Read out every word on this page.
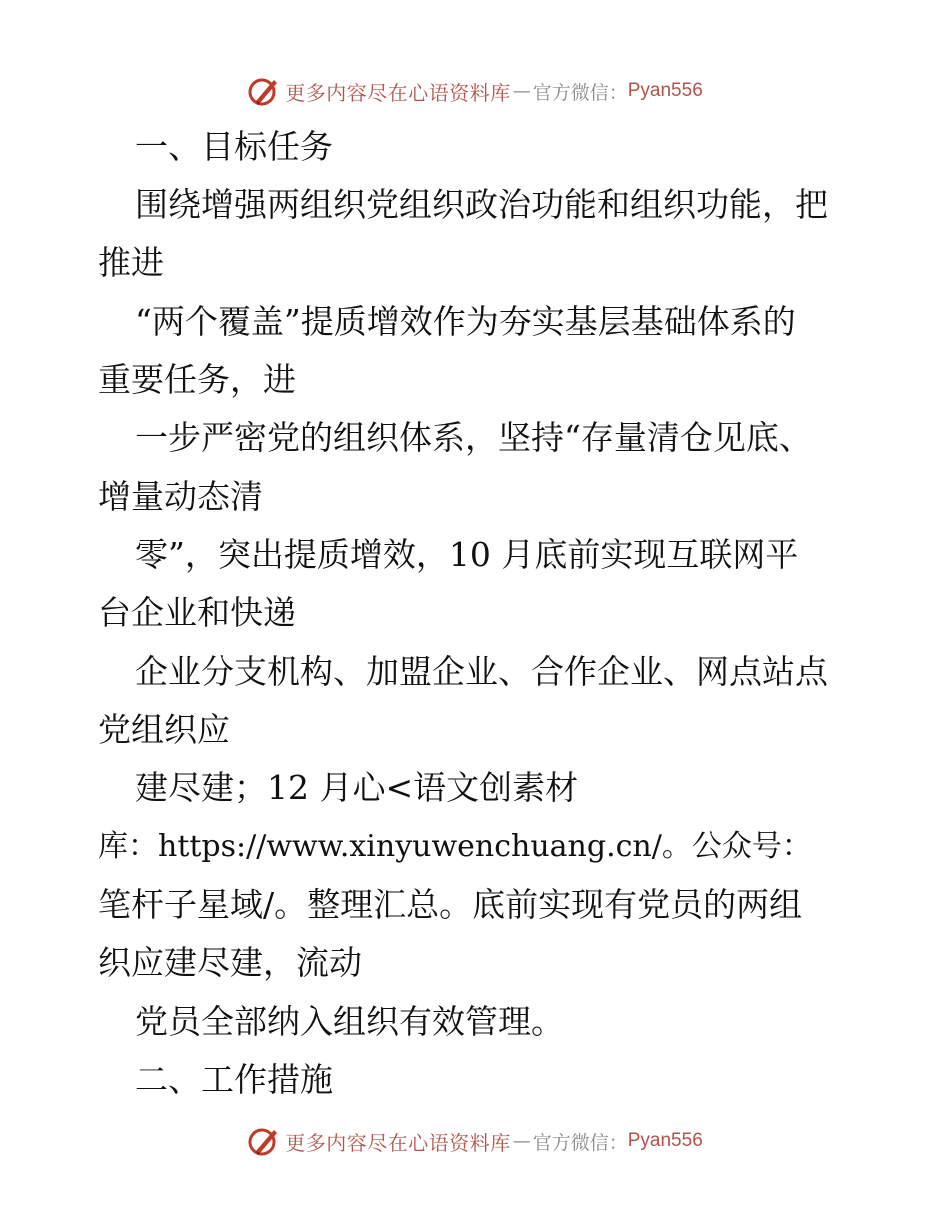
更多内容尽在心语资料库 — 官方微信： Pyan556
一、目标任务
围绕增强两组织党组织政治功能和组织功能，把
推进
“两个覆盖”提质增效作为夯实基层基础体系的
重要任务，进
一步严密党的组织体系，坚持“存量清仓见底、
增量动态清
零”，突出提质增效，10 月底前实现互联网平
台企业和快递
企业分支机构、加盟企业、合作企业、网点站点
党组织应
建尽建；12 月心<语文创素材
库：https://www.xinyuwenchuang.cn/。公众号：
笔杆子星域/。整理汇总。底前实现有党员的两组
织应建尽建，流动
党员全部纳入组织有效管理。
二、工作措施
更多内容尽在心语资料库 — 官方微信： Pyan556
